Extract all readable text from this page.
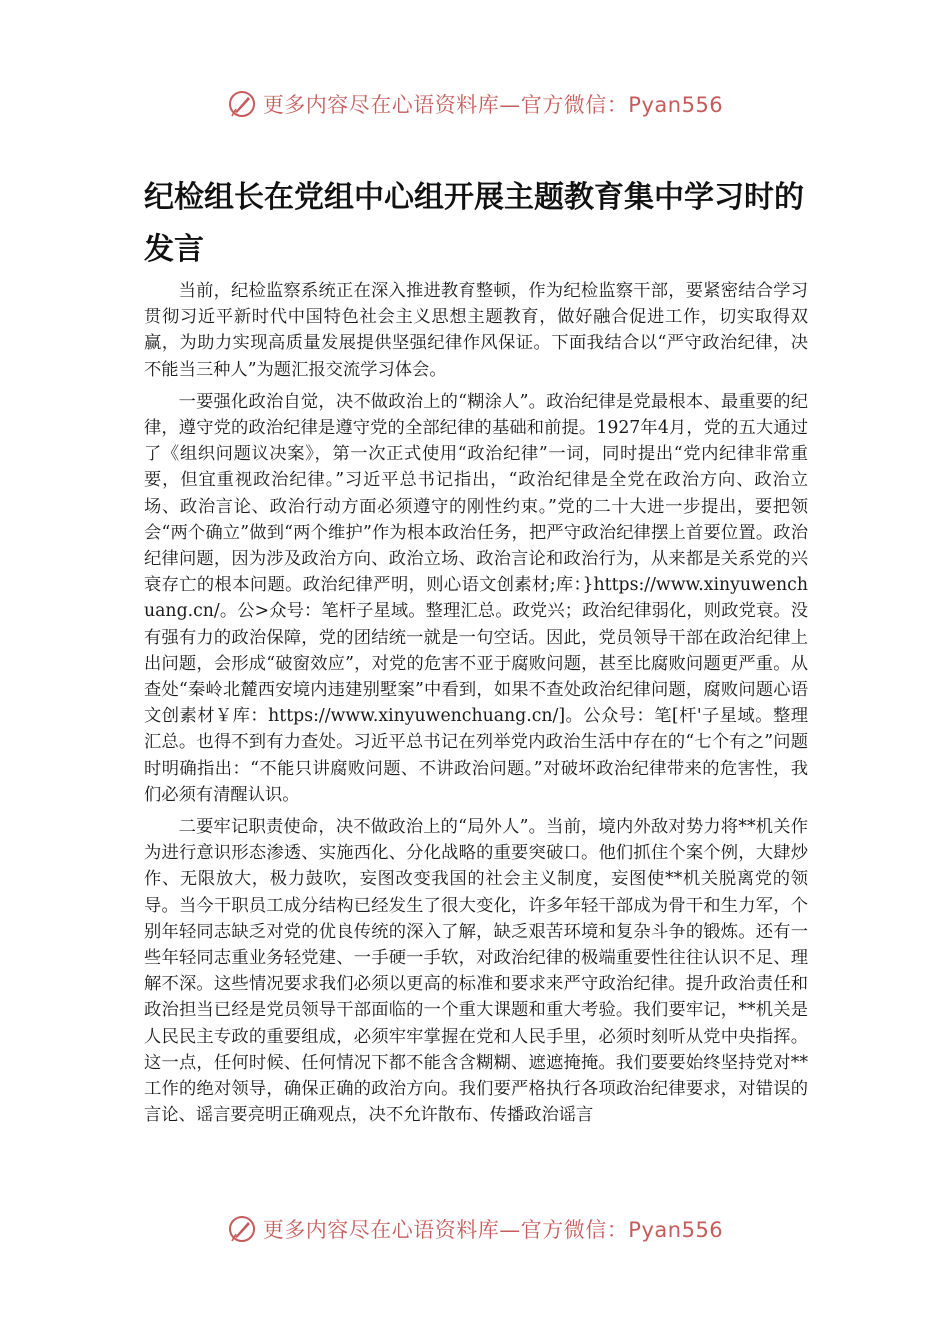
更多内容尽在心语资料库—官方微信：Pyan556
纪检组长在党组中心组开展主题教育集中学习时的发言

当前，纪检监察系统正在深入推进教育整顿，作为纪检监察干部，要紧密结合学习贯彻习近平新时代中国特色社会主义思想主题教育，做好融合促进工作，切实取得双赢，为助力实现高质量发展提供坚强纪律作风保证。下面我结合以“严守政治纪律，决不能当三种人”为题汇报交流学习体会。

一要强化政治自觉，决不做政治上的“糊涂人”。政治纪律是党最根本、最重要的纪律，遵守党的政治纪律是遵守党的全部纪律的基础和前提。1927年4月，党的五大通过了《组织问题议决案》，第一次正式使用“政治纪律”一词，同时提出“党内纪律非常重要，但宜重视政治纪律。”习近平总书记指出，“政治纪律是全党在政治方向、政治立场、政治言论、政治行动方面必须遵守的刚性约束。”党的二十大进一步提出，要把领会“两个确立”做到“两个维护”作为根本政治任务，把严守政治纪律摆上首要位置。政治纪律问题，因为涉及政治方向、政治立场、政治言论和政治行为，从来都是关系党的兴衰存亡的根本问题。政治纪律严明，则心语文创素材;库：}https://www.xinyuwenchuang.cn/。公>众号：笔杆子星域。整理汇总。政党兴；政治纪律弱化，则政党衰。没有强有力的政治保障，党的团结统一就是一句空话。因此，党员领导干部在政治纪律上出问题，会形成“破窗效应”，对党的危害不亚于腐败问题，甚至比腐败问题更严重。从查处“秦岭北麓西安境内违建别墅案”中看到，如果不查处政治纪律问题，腐败问题心语文创素材￥库：https://www.xinyuwenchuang.cn/]。公众号：笔[杆'子星域。整理汇总。也得不到有力查处。习近平总书记在列举党内政治生活中存在的“七个有之”问题时明确指出：“不能只讲腐败问题、不讲政治问题。”对破坏政治纪律带来的危害性，我们必须有清醒认识。

二要牢记职责使命，决不做政治上的“局外人”。当前，境内外敌对势力将**机关作为进行意识形态渗透、实施西化、分化战略的重要突破口。他们抓住个案个例，大肆炒作、无限放大，极力鼓吹，妄图改变我国的社会主义制度，妄图使**机关脱离党的领导。当今干职员工成分结构已经发生了很大变化，许多年轻干部成为骨干和生力军，个别年轻同志缺乏对党的优良传统的深入了解，缺乏艰苦环境和复杂斗争的锻炼。还有一些年轻同志重业务轻党建、一手硬一手软，对政治纪律的极端重要性往往认识不足、理解不深。这些情况要求我们必须以更高的标准和要求来严守政治纪律。提升政治责任和政治担当已经是党员领导干部面临的一个重大课题和重大考验。我们要牢记，**机关是人民民主专政的重要组成，必须牢牢掌握在党和人民手里，必须时刻听从党中央指挥。这一点，任何时候、任何情况下都不能含含糊糊、遮遮掩掩。我们要要始终坚持党对**工作的绝对领导，确保正确的政治方向。我们要严格执行各项政治纪律要求，对错误的言论、谣言要亮明正确观点，决不允许散布、传播政治谣言

更多内容尽在心语资料库—官方微信：Pyan556
